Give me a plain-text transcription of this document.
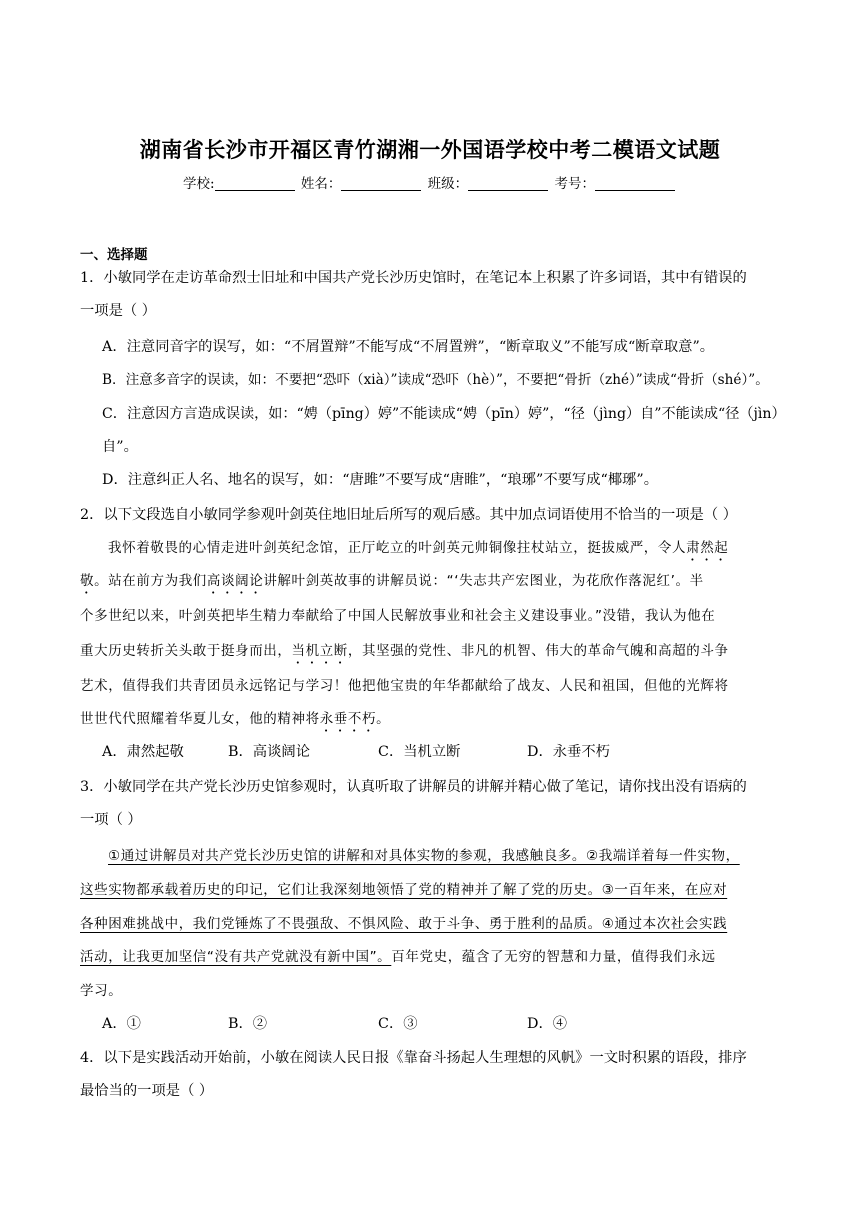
湖南省长沙市开福区青竹湖湘一外国语学校中考二模语文试题
学校:	姓名：	班级：	考号：
一、选择题
1．小敏同学在走访革命烈士旧址和中国共产党长沙历史馆时，在笔记本上积累了许多词语，其中有错误的
一项是（ ）
A．注意同音字的误写，如：“不屑置辩”不能写成“不屑置辨”，“断章取义”不能写成“断章取意”。
B．注意多音字的误读，如：不要把“恐吓（xià）”读成“恐吓（hè）”，不要把“骨折（zhé）”读成“骨折（shé）”。
C．注意因方言造成误读，如：“娉（pīng）婷”不能读成“娉（pīn）婷”，“径（jìng）自”不能读成“径（jìn）
自”。
D．注意纠正人名、地名的误写，如：“唐雎”不要写成“唐睢”，“琅琊”不要写成“椰琊”。
2．以下文段选自小敏同学参观叶剑英住地旧址后所写的观后感。其中加点词语使用不恰当的一项是（ ）
我怀着敬畏的心情走进叶剑英纪念馆，正厅屹立的叶剑英元帅铜像拄杖站立，挺拔威严，令人肃然起
敬。站在前方为我们高谈阔论讲解叶剑英故事的讲解员说：“‘失志共产宏图业，为花欣作落泥红’。半
个多世纪以来，叶剑英把毕生精力奉献给了中国人民解放事业和社会主义建设事业。”没错，我认为他在
重大历史转折关头敢于挺身而出，当机立断，其坚强的党性、非凡的机智、伟大的革命气魄和高超的斗争
艺术，值得我们共青团员永远铭记与学习！他把他宝贵的年华都献给了战友、人民和祖国，但他的光辉将
世世代代照耀着华夏儿女，他的精神将永垂不朽。
A．肃然起敬	B．高谈阔论	C．当机立断	D．永垂不朽
3．小敏同学在共产党长沙历史馆参观时，认真听取了讲解员的讲解并精心做了笔记，请你找出没有语病的
一项（ ）
①通过讲解员对共产党长沙历史馆的讲解和对具体实物的参观，我感触良多。②我端详着每一件实物，
这些实物都承载着历史的印记，它们让我深刻地领悟了党的精神并了解了党的历史。③一百年来，在应对
各种困难挑战中，我们党锤炼了不畏强敌、不惧风险、敢于斗争、勇于胜利的品质。④通过本次社会实践
活动，让我更加坚信“没有共产党就没有新中国”。百年党史，蕴含了无穷的智慧和力量，值得我们永远
学习。
A．①	B．②	C．③	D．④
4．以下是实践活动开始前，小敏在阅读人民日报《靠奋斗扬起人生理想的风帆》一文时积累的语段，排序
最恰当的一项是（ ）
